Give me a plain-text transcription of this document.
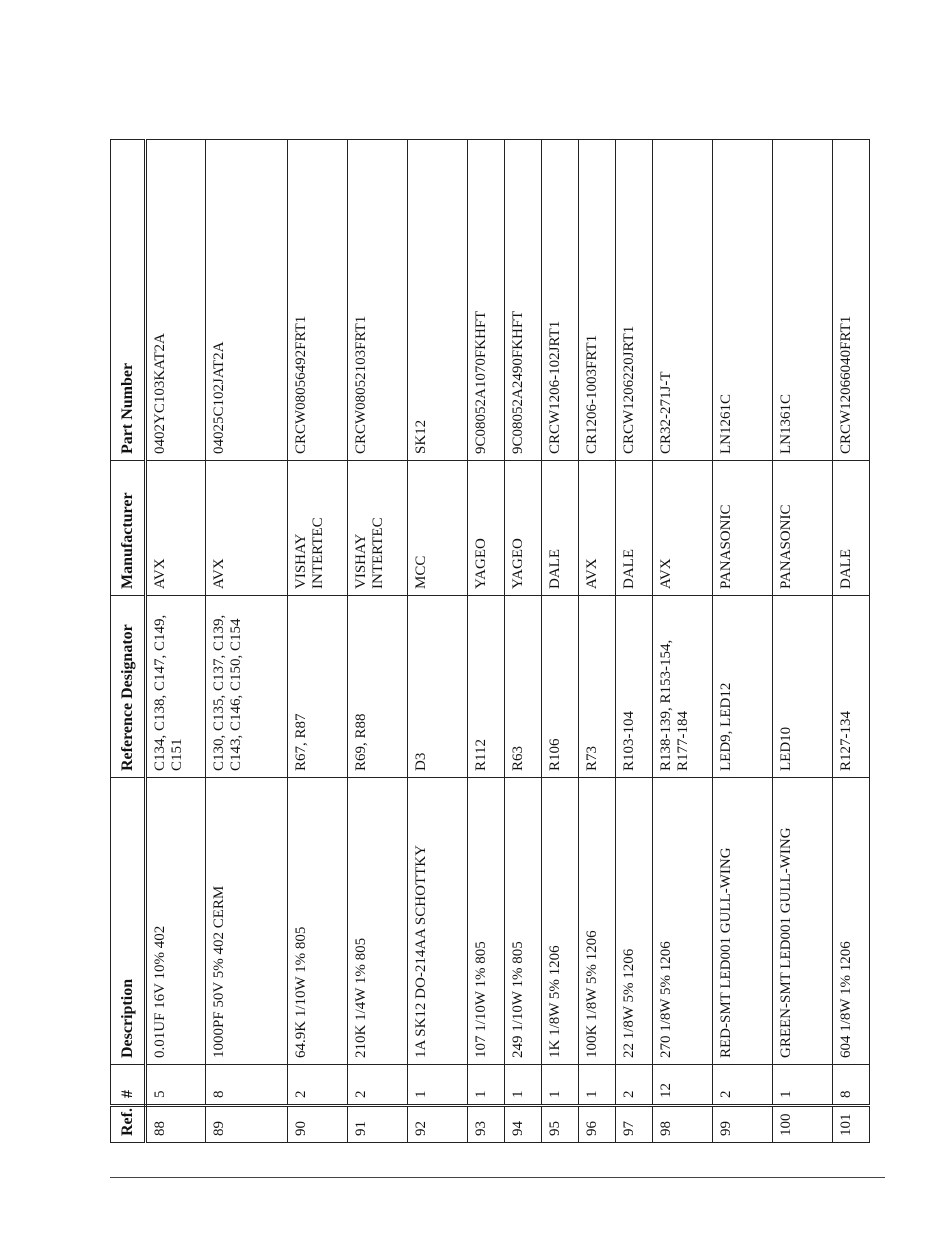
Ref.	#	Description	Reference Designator	Manufacturer	Part Number
88	5	0.01UF 16V 10% 402	C134, C138, C147, C149, C151	AVX	0402YC103KAT2A
89	8	1000PF 50V 5% 402 CERM	C130, C135, C137, C139, C143, C146, C150, C154	AVX	04025C102JAT2A
90	2	64.9K 1/10W 1% 805	R67, R87	VISHAY INTERTEC	CRCW08056492FRT1
91	2	210K 1/4W 1% 805	R69, R88	VISHAY INTERTEC	CRCW08052103FRT1
92	1	1A SK12 DO-214AA SCHOTTKY	D3	MCC	SK12
93	1	107 1/10W 1% 805	R112	YAGEO	9C08052A1070FKHFT
94	1	249 1/10W 1% 805	R63	YAGEO	9C08052A2490FKHFT
95	1	1K 1/8W 5% 1206	R106	DALE	CRCW1206-102JRT1
96	1	100K 1/8W 5% 1206	R73	AVX	CR1206-1003FRT1
97	2	22 1/8W 5% 1206	R103-104	DALE	CRCW1206220JRT1
98	12	270 1/8W 5% 1206	R138-139, R153-154, R177-184	AVX	CR32-271J-T
99	2	RED-SMT LED001 GULL-WING	LED9, LED12	PANASONIC	LN1261C
100	1	GREEN-SMT LED001 GULL-WING	LED10	PANASONIC	LN1361C
101	8	604 1/8W 1% 1206	R127-134	DALE	CRCW12066040FRT1
